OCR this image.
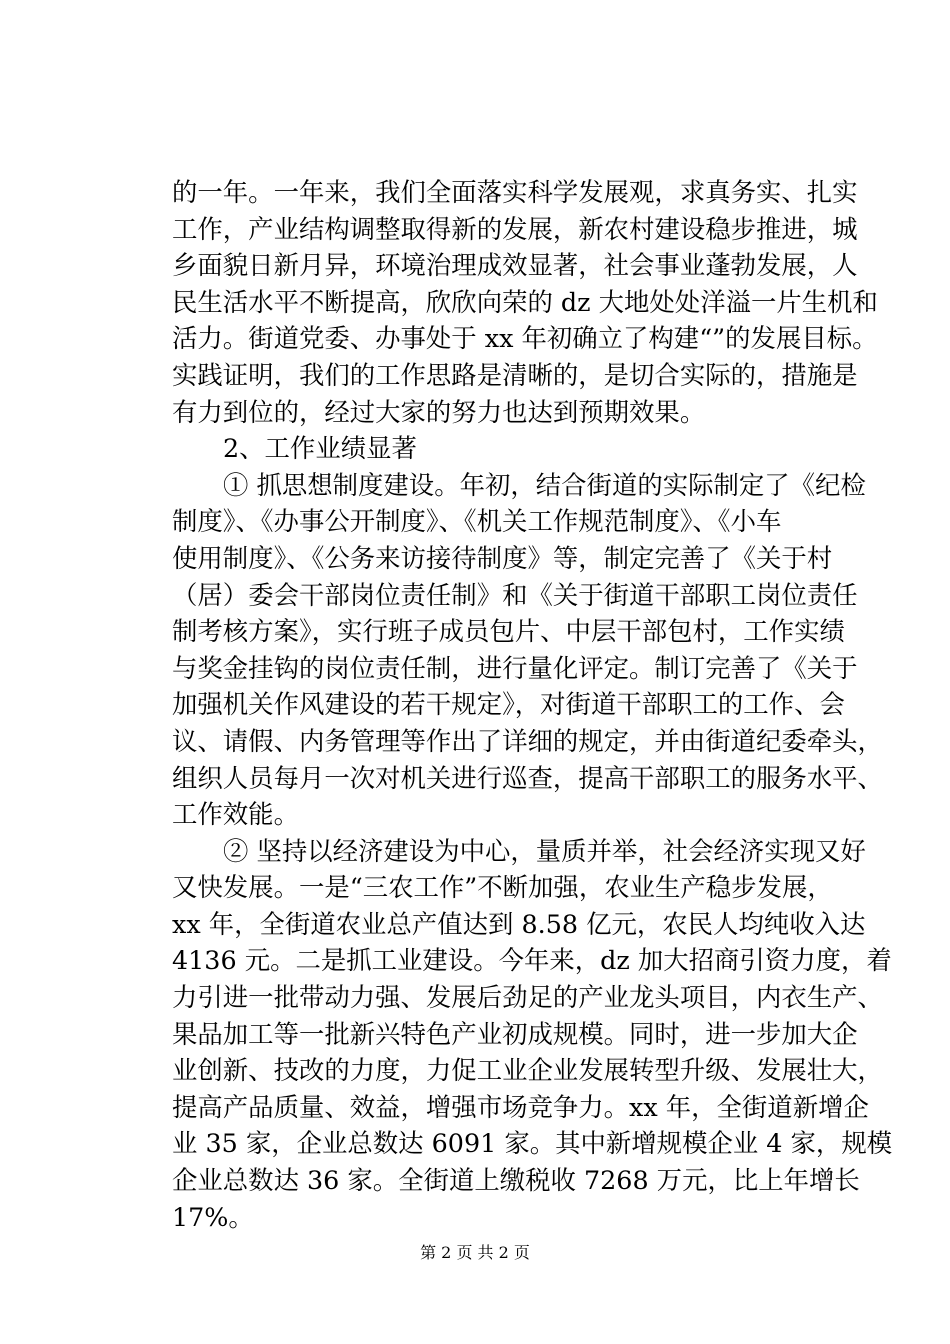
的一年。一年来，我们全面落实科学发展观，求真务实、扎实
工作，产业结构调整取得新的发展，新农村建设稳步推进，城
乡面貌日新月异，环境治理成效显著，社会事业蓬勃发展，人
民生活水平不断提高，欣欣向荣的 dz 大地处处洋溢一片生机和
活力。街道党委、办事处于 xx 年初确立了构建“”的发展目标。
实践证明，我们的工作思路是清晰的，是切合实际的，措施是
有力到位的，经过大家的努力也达到预期效果。
2、工作业绩显著
① 抓思想制度建设。年初，结合街道的实际制定了《纪检
制度》、《办事公开制度》、《机关工作规范制度》、《小车
使用制度》、《公务来访接待制度》等，制定完善了《关于村
（居）委会干部岗位责任制》和《关于街道干部职工岗位责任
制考核方案》，实行班子成员包片、中层干部包村，工作实绩
与奖金挂钩的岗位责任制，进行量化评定。制订完善了《关于
加强机关作风建设的若干规定》，对街道干部职工的工作、会
议、请假、内务管理等作出了详细的规定，并由街道纪委牵头，
组织人员每月一次对机关进行巡查，提高干部职工的服务水平、
工作效能。
② 坚持以经济建设为中心，量质并举，社会经济实现又好
又快发展。一是“三农工作”不断加强，农业生产稳步发展，
xx 年，全街道农业总产值达到 8.58 亿元，农民人均纯收入达
4136 元。二是抓工业建设。今年来，dz 加大招商引资力度，着
力引进一批带动力强、发展后劲足的产业龙头项目，内衣生产、
果品加工等一批新兴特色产业初成规模。同时，进一步加大企
业创新、技改的力度，力促工业企业发展转型升级、发展壮大，
提高产品质量、效益，增强市场竞争力。xx 年，全街道新增企
业 35 家，企业总数达 6091 家。其中新增规模企业 4 家，规模
企业总数达 36 家。全街道上缴税收 7268 万元，比上年增长
17%。
第 2 页 共 2 页
